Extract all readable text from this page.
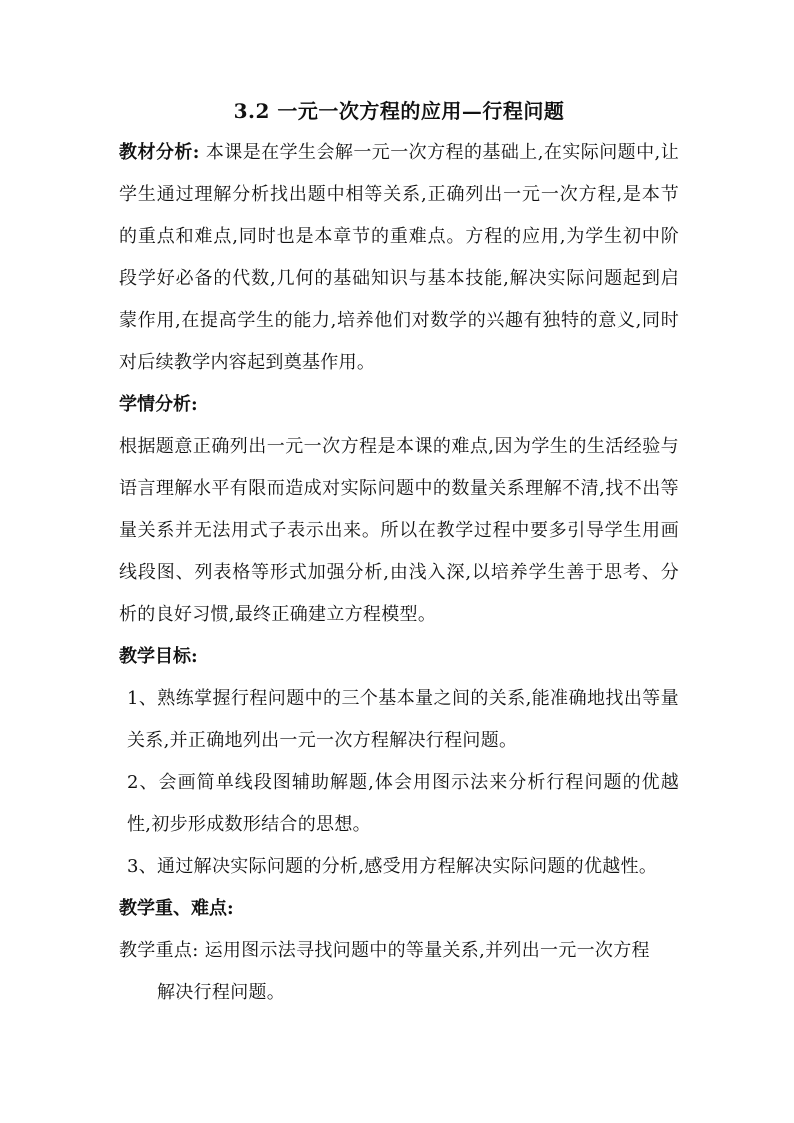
3.2 一元一次方程的应用—行程问题

教材分析: 本课是在学生会解一元一次方程的基础上,在实际问题中,让学生通过理解分析找出题中相等关系,正确列出一元一次方程,是本节的重点和难点,同时也是本章节的重难点。方程的应用,为学生初中阶段学好必备的代数,几何的基础知识与基本技能,解决实际问题起到启蒙作用,在提高学生的能力,培养他们对数学的兴趣有独特的意义,同时对后续教学内容起到奠基作用。

学情分析:

根据题意正确列出一元一次方程是本课的难点,因为学生的生活经验与语言理解水平有限而造成对实际问题中的数量关系理解不清,找不出等量关系并无法用式子表示出来。所以在教学过程中要多引导学生用画线段图、列表格等形式加强分析,由浅入深,以培养学生善于思考、分析的良好习惯,最终正确建立方程模型。

教学目标:

1、熟练掌握行程问题中的三个基本量之间的关系,能准确地找出等量关系,并正确地列出一元一次方程解决行程问题。

2、会画简单线段图辅助解题,体会用图示法来分析行程问题的优越性,初步形成数形结合的思想。

3、通过解决实际问题的分析,感受用方程解决实际问题的优越性。

教学重、难点:

教学重点: 运用图示法寻找问题中的等量关系,并列出一元一次方程
解决行程问题。
